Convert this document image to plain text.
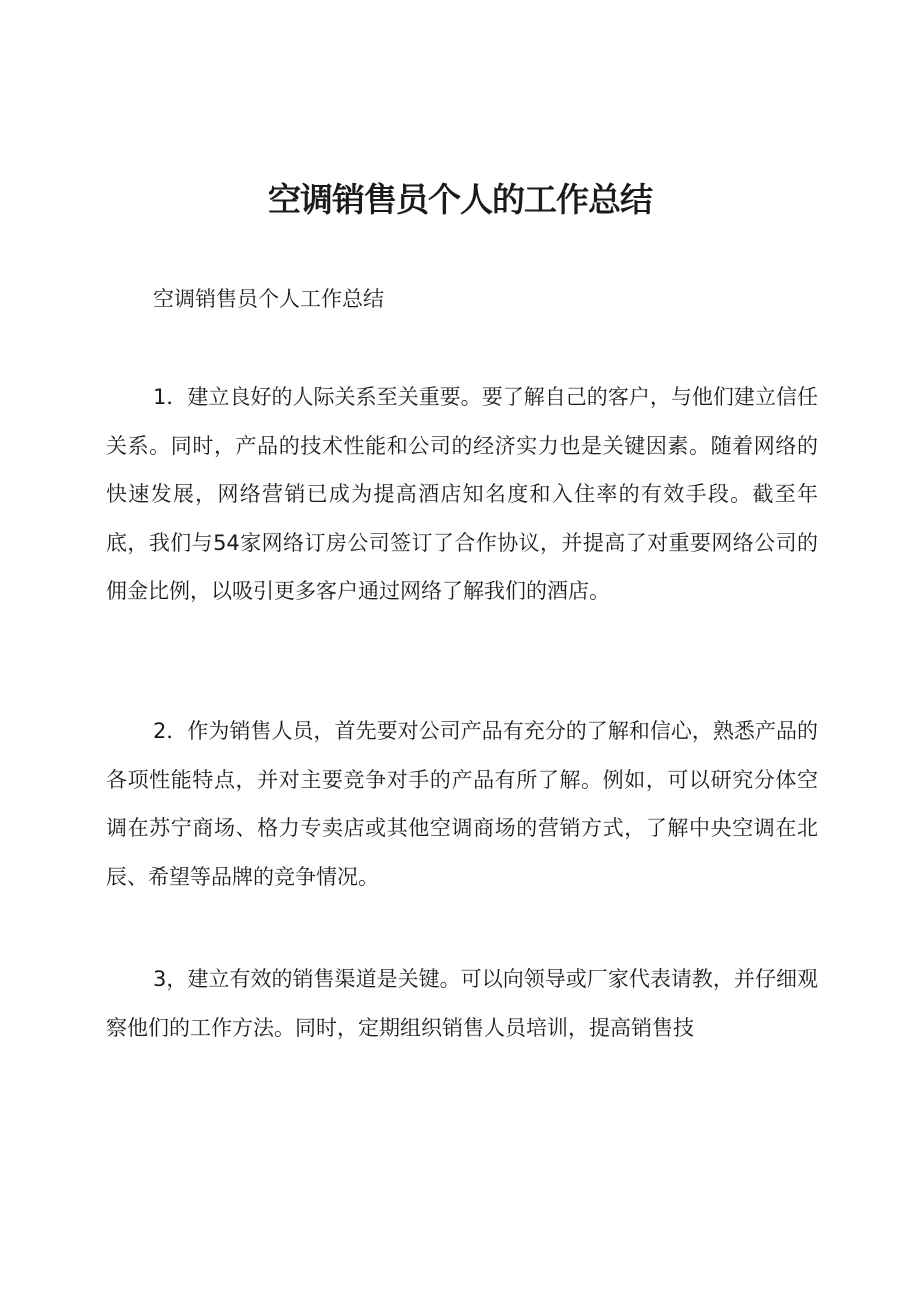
空调销售员个人的工作总结

空调销售员个人工作总结

1．建立良好的人际关系至关重要。要了解自己的客户，与他们建立信任关系。同时，产品的技术性能和公司的经济实力也是关键因素。随着网络的快速发展，网络营销已成为提高酒店知名度和入住率的有效手段。截至年底，我们与54家网络订房公司签订了合作协议，并提高了对重要网络公司的佣金比例，以吸引更多客户通过网络了解我们的酒店。

2．作为销售人员，首先要对公司产品有充分的了解和信心，熟悉产品的各项性能特点，并对主要竞争对手的产品有所了解。例如，可以研究分体空调在苏宁商场、格力专卖店或其他空调商场的营销方式，了解中央空调在北辰、希望等品牌的竞争情况。

3，建立有效的销售渠道是关键。可以向领导或厂家代表请教，并仔细观察他们的工作方法。同时，定期组织销售人员培训，提高销售技
